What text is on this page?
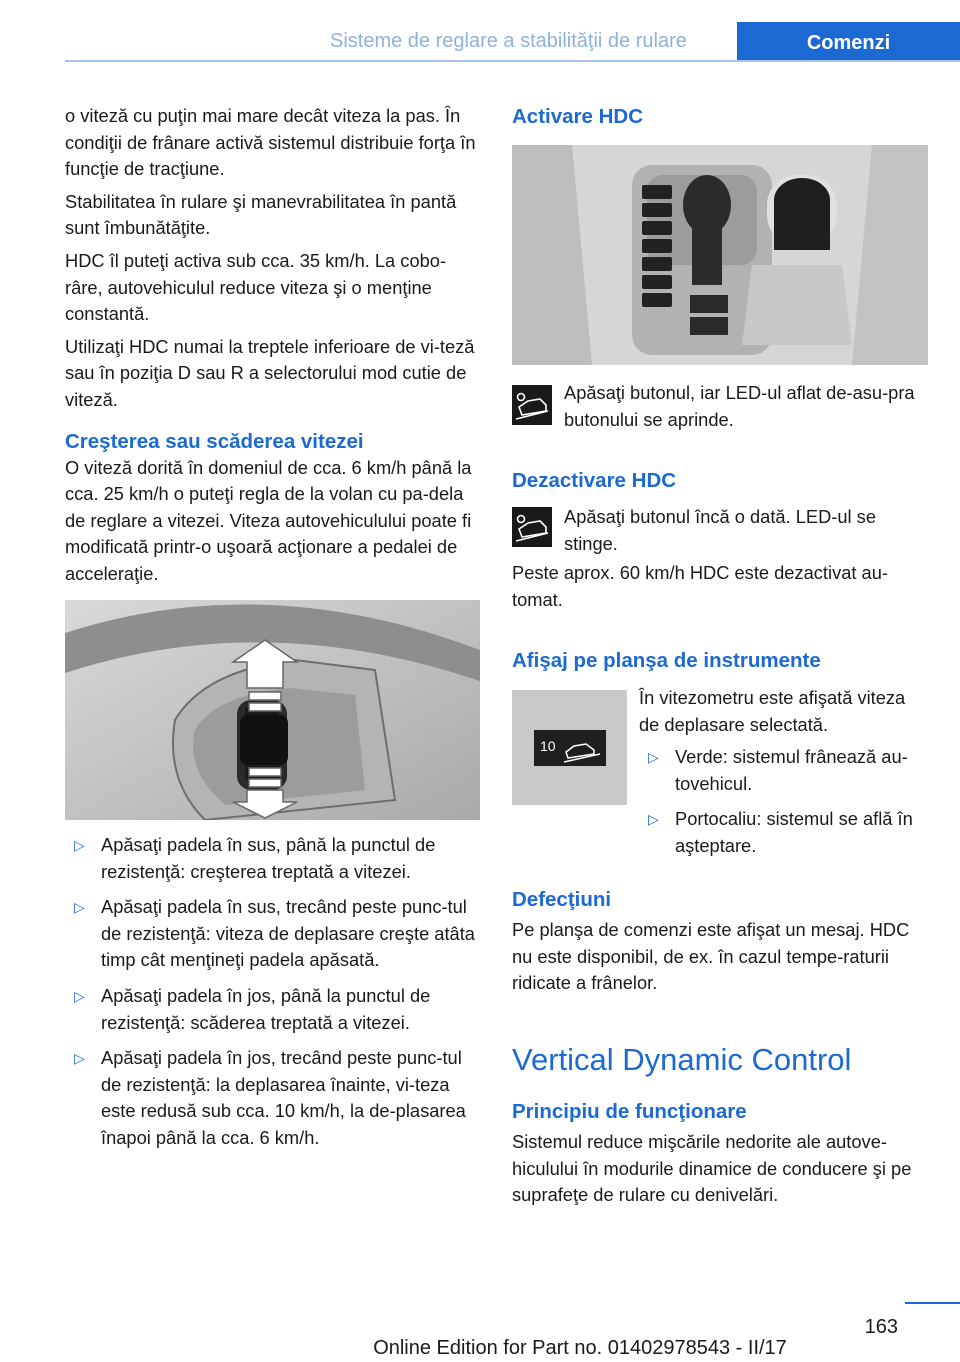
Sisteme de reglare a stabilităţii de rulare	Comenzi

o viteză cu puţin mai mare decât viteza la pas. În condiţii de frânare activă sistemul distribuie forţa în funcţie de tracţiune.

Stabilitatea în rulare şi manevrabilitatea în pantă sunt îmbunătăţite.

HDC îl puteţi activa sub cca. 35 km/h. La cobo‐râre, autovehiculul reduce viteza şi o menţine constantă.

Utilizaţi HDC numai la treptele inferioare de vi‐teză sau în poziţia D sau R a selectorului mod cutie de viteză.

Creşterea sau scăderea vitezei

O viteză dorită în domeniul de cca. 6 km/h până la cca. 25 km/h o puteţi regla de la volan cu pa‐dela de reglare a vitezei. Viteza autovehiculului poate fi modificată printr-o uşoară acţionare a pedalei de acceleraţie.

▷ Apăsaţi padela în sus, până la punctul de rezistenţă: creşterea treptată a vitezei.
▷ Apăsaţi padela în sus, trecând peste punc‐tul de rezistenţă: viteza de deplasare creşte atâta timp cât menţineţi padela apăsată.
▷ Apăsaţi padela în jos, până la punctul de rezistenţă: scăderea treptată a vitezei.
▷ Apăsaţi padela în jos, trecând peste punc‐tul de rezistenţă: la deplasarea înainte, vi‐teza este redusă sub cca. 10 km/h, la de‐plasarea înapoi până la cca. 6 km/h.
Activare HDC
Apăsaţi butonul, iar LED-ul aflat de-asu‐pra butonului se aprinde.
Dezactivare HDC
Apăsaţi butonul încă o dată. LED-ul se stinge.
Peste aprox. 60 km/h HDC este dezactivat au‐tomat.
Afişaj pe planşa de instrumente
10

În vitezometru este afişată viteza de deplasare selectată.

▷ Verde: sistemul frânează au‐tovehicul.
▷ Portocaliu: sistemul se află în aşteptare.
Defecţiuni
Pe planşa de comenzi este afişat un mesaj. HDC nu este disponibil, de ex. în cazul tempe‐raturii ridicate a frânelor.
Vertical Dynamic Control
Principiu de funcţionare
Sistemul reduce mişcările nedorite ale autove‐hiculului în modurile dinamice de conducere şi pe suprafeţe de rulare cu denivelări.
163
Online Edition for Part no. 01402978543 - II/17
